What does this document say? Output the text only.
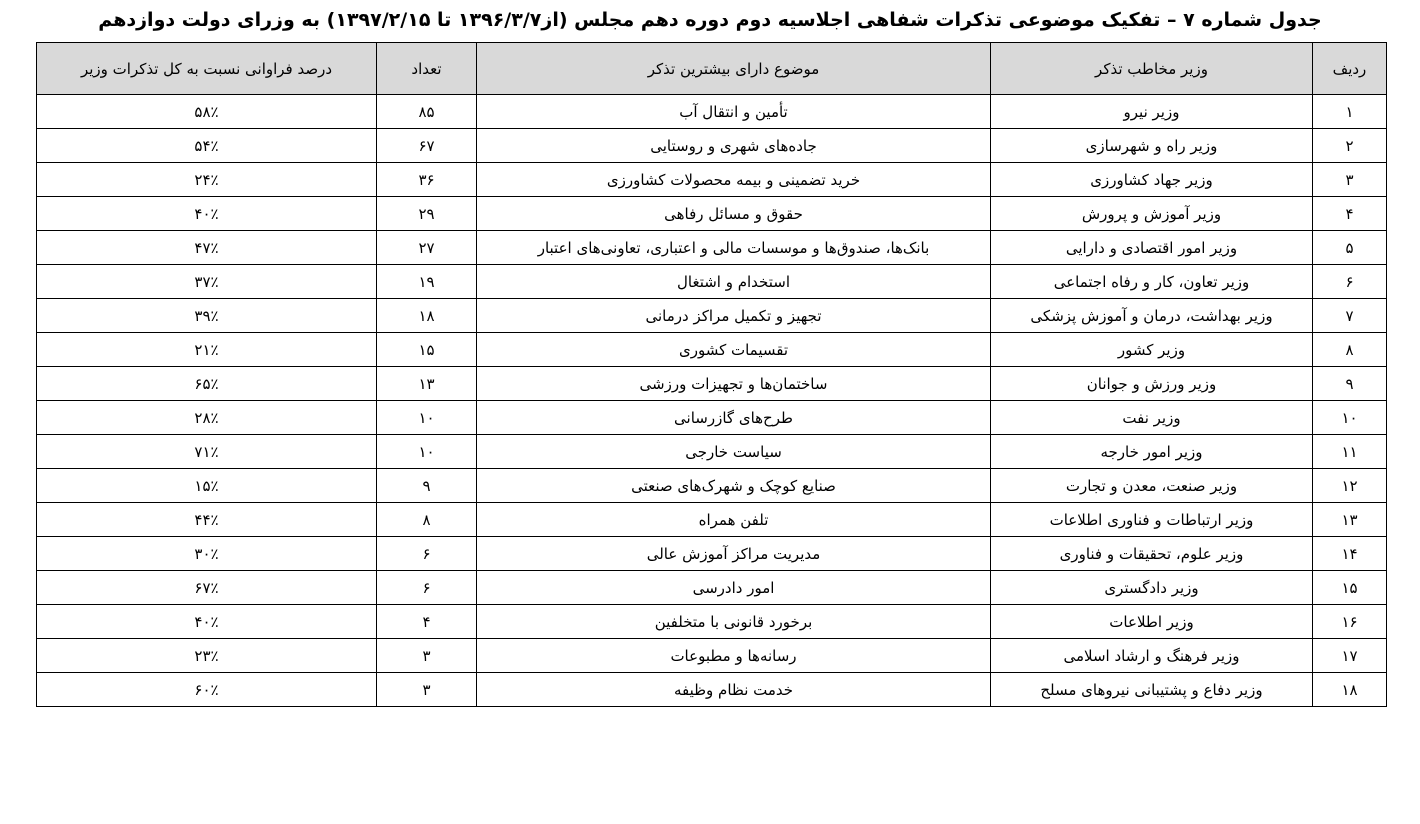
جدول شماره ۷ – تفکیک موضوعی تذکرات شفاهی اجلاسیه دوم دوره دهم مجلس (از۱۳۹۶/۳/۷ تا ۱۳۹۷/۲/۱۵) به وزرای دولت دوازدهم
ردیف	وزیر مخاطب تذکر	موضوع دارای بیشترین تذکر	تعداد	درصد فراوانی نسبت به کل تذکرات وزیر
۱	وزیر نیرو	تأمین و انتقال آب	۸۵	۵۸٪
۲	وزیر راه و شهرسازی	جاده‌های شهری و روستایی	۶۷	۵۴٪
۳	وزیر جهاد کشاورزی	خرید تضمینی و بیمه محصولات کشاورزی	۳۶	۲۴٪
۴	وزیر آموزش و پرورش	حقوق و مسائل رفاهی	۲۹	۴۰٪
۵	وزیر امور اقتصادی و دارایی	بانک‌ها، صندوق‌ها و موسسات مالی و اعتباری، تعاونی‌های اعتبار	۲۷	۴۷٪
۶	وزیر تعاون، کار و رفاه اجتماعی	استخدام و اشتغال	۱۹	۳۷٪
۷	وزیر بهداشت، درمان و آموزش پزشکی	تجهیز و تکمیل مراکز درمانی	۱۸	۳۹٪
۸	وزیر کشور	تقسیمات کشوری	۱۵	۲۱٪
۹	وزیر ورزش و جوانان	ساختمان‌ها و تجهیزات ورزشی	۱۳	۶۵٪
۱۰	وزیر نفت	طرح‌های گازرسانی	۱۰	۲۸٪
۱۱	وزیر امور خارجه	سیاست خارجی	۱۰	۷۱٪
۱۲	وزیر صنعت، معدن و تجارت	صنایع کوچک و شهرک‌های صنعتی	۹	۱۵٪
۱۳	وزیر ارتباطات و فناوری اطلاعات	تلفن همراه	۸	۴۴٪
۱۴	وزیر علوم، تحقیقات و فناوری	مدیریت مراکز آموزش عالی	۶	۳۰٪
۱۵	وزیر دادگستری	امور دادرسی	۶	۶۷٪
۱۶	وزیر اطلاعات	برخورد قانونی با متخلفین	۴	۴۰٪
۱۷	وزیر فرهنگ و ارشاد اسلامی	رسانه‌ها و مطبوعات	۳	۲۳٪
۱۸	وزیر دفاع و پشتیبانی نیروهای مسلح	خدمت نظام وظیفه	۳	۶۰٪
